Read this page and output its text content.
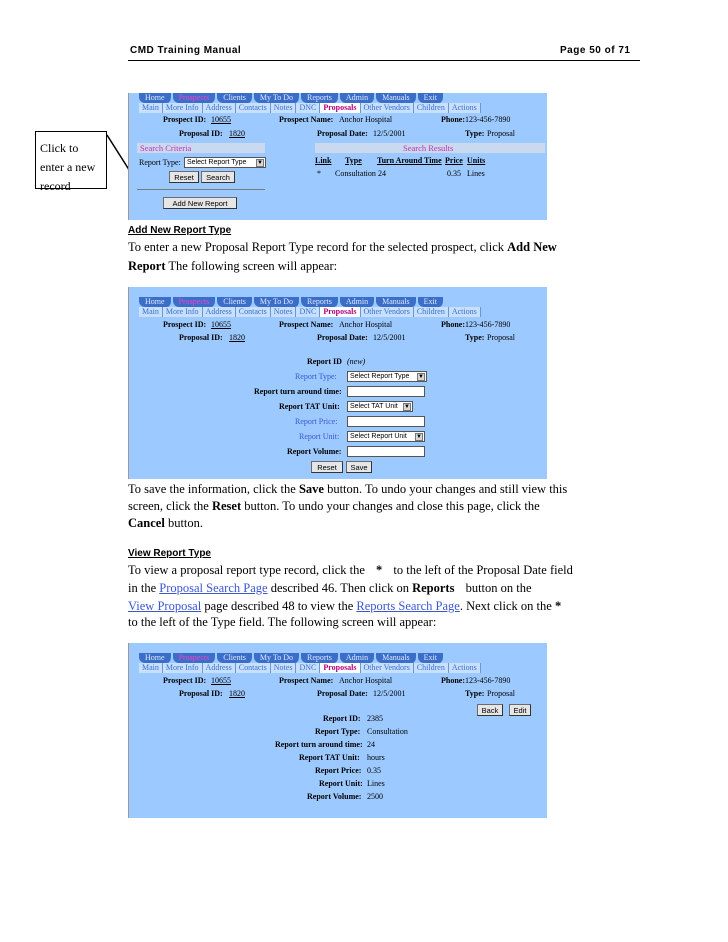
CMD Training Manual	Page 50 of 71
Click to enter a new record
Home	Prospects	Clients	My To Do	Reports	Admin	Manuals	Exit
Main More Info Address Contacts Notes DNC Proposals Other Vendors Children Actions
Prospect ID: 10655	Prospect Name: Anchor Hospital	Phone: 123-456-7890
Proposal ID: 1820	Proposal Date: 12/5/2001	Type: Proposal
Search Criteria	Search Results
Report Type: Select Report Type ▼
Reset	Search
Add New Report
Link Type Turn Around Time Price Units
* Consultation 24	0.35 Lines
Add New Report Type
To enter a new Proposal Report Type record for the selected prospect, click Add New
Report The following screen will appear:
Home	Prospects	Clients	My To Do	Reports	Admin	Manuals	Exit
Main More Info Address Contacts Notes DNC Proposals Other Vendors Children Actions
Prospect ID: 10655	Prospect Name: Anchor Hospital	Phone: 123-456-7890
Proposal ID: 1820	Proposal Date: 12/5/2001	Type: Proposal
Report ID (new)
Report Type:	Select Report Type ▼
Report turn around time:
Report TAT Unit:	Select TAT Unit ▼
Report Price:
Report Unit:	Select Report Unit ▼
Report Volume:
Reset	Save
To save the information, click the Save button. To undo your changes and still view this
screen, click the Reset button. To undo your changes and close this page, click the
Cancel button.
View Report Type
To view a proposal report type record, click the * to the left of the Proposal Date field
in the Proposal Search Page described 46. Then click on Reports button on the
View Proposal page described 48 to view the Reports Search Page. Next click on the *
to the left of the Type field. The following screen will appear:
Home	Prospects	Clients	My To Do	Reports	Admin	Manuals	Exit
Main More Info Address Contacts Notes DNC Proposals Other Vendors Children Actions
Prospect ID: 10655	Prospect Name: Anchor Hospital	Phone: 123-456-7890
Proposal ID: 1820	Proposal Date: 12/5/2001	Type: Proposal
Back	Edit
Report ID: 2385
Report Type: Consultation
Report turn around time: 24
Report TAT Unit: hours
Report Price: 0.35
Report Unit: Lines
Report Volume: 2500
